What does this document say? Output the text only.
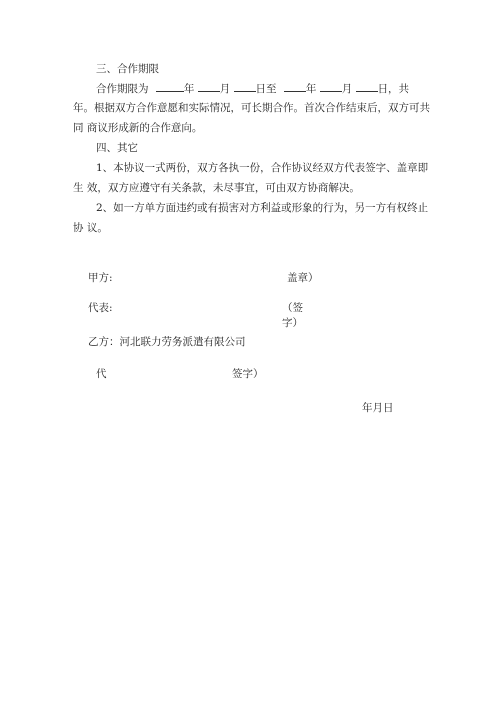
三、合作期限
合作期限为	年 月 日至	年 月 日，共
年。根据双方合作意愿和实际情况，可长期合作。首次合作结束后，双方可共
同 商议形成新的合作意向。
四、其它
1、本协议一式两份，双方各执一份，合作协议经双方代表签字、盖章即
生 效，双方应遵守有关条款，未尽事宜，可由双方协商解决。
2、如一方单方面违约或有损害对方利益或形象的行为，另一方有权终止
协 议。
甲方:	盖章）
代表:	（签
字）
乙方：河北联力劳务派遣有限公司
代	签字）
年月日
